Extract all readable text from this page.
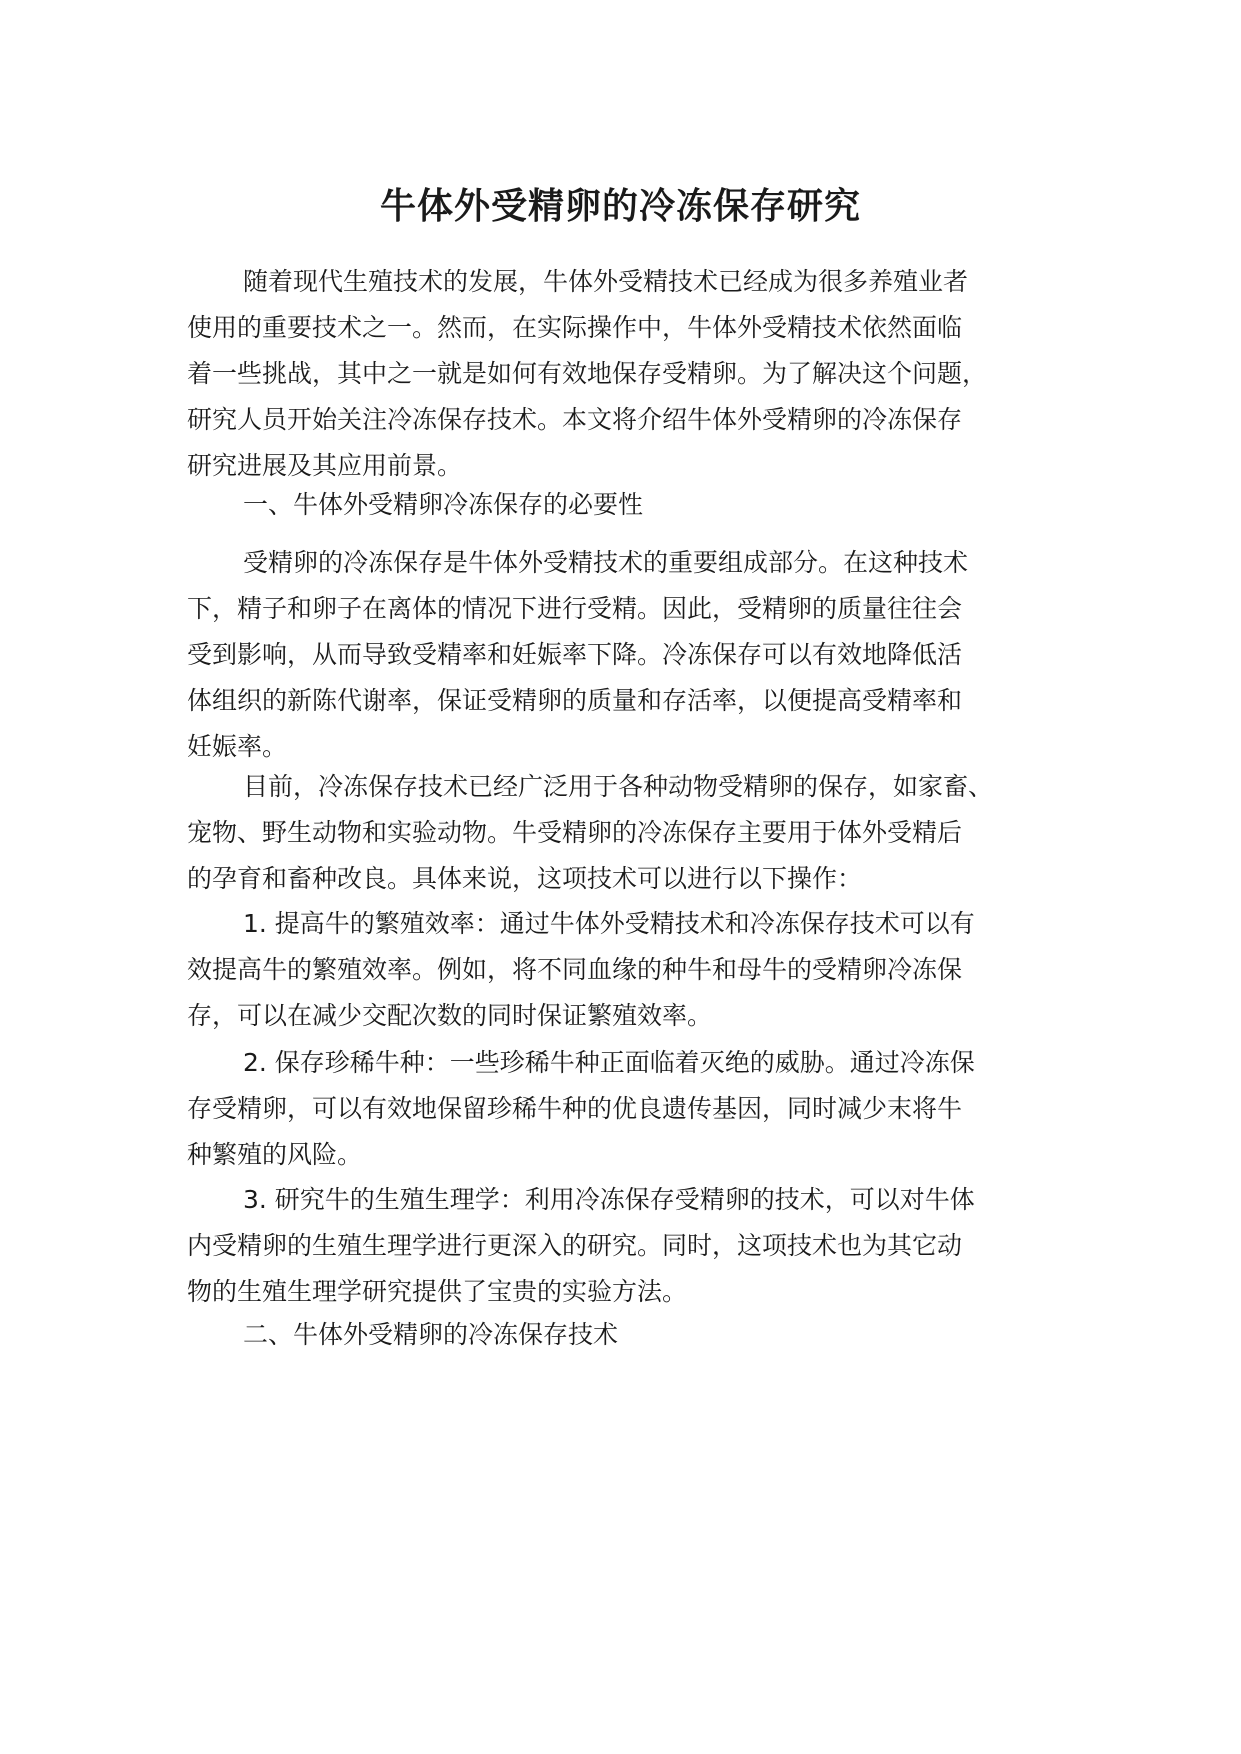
牛体外受精卵的冷冻保存研究
随着现代生殖技术的发展，牛体外受精技术已经成为很多养殖业者
使用的重要技术之一。然而，在实际操作中，牛体外受精技术依然面临
着一些挑战，其中之一就是如何有效地保存受精卵。为了解决这个问题，
研究人员开始关注冷冻保存技术。本文将介绍牛体外受精卵的冷冻保存
研究进展及其应用前景。
一、牛体外受精卵冷冻保存的必要性
受精卵的冷冻保存是牛体外受精技术的重要组成部分。在这种技术
下，精子和卵子在离体的情况下进行受精。因此，受精卵的质量往往会
受到影响，从而导致受精率和妊娠率下降。冷冻保存可以有效地降低活
体组织的新陈代谢率，保证受精卵的质量和存活率，以便提高受精率和
妊娠率。
目前，冷冻保存技术已经广泛用于各种动物受精卵的保存，如家畜、
宠物、野生动物和实验动物。牛受精卵的冷冻保存主要用于体外受精后
的孕育和畜种改良。具体来说，这项技术可以进行以下操作：
1. 提高牛的繁殖效率：通过牛体外受精技术和冷冻保存技术可以有
效提高牛的繁殖效率。例如，将不同血缘的种牛和母牛的受精卵冷冻保
存，可以在减少交配次数的同时保证繁殖效率。
2. 保存珍稀牛种：一些珍稀牛种正面临着灭绝的威胁。通过冷冻保
存受精卵，可以有效地保留珍稀牛种的优良遗传基因，同时减少末将牛
种繁殖的风险。
3. 研究牛的生殖生理学：利用冷冻保存受精卵的技术，可以对牛体
内受精卵的生殖生理学进行更深入的研究。同时，这项技术也为其它动
物的生殖生理学研究提供了宝贵的实验方法。
二、牛体外受精卵的冷冻保存技术
